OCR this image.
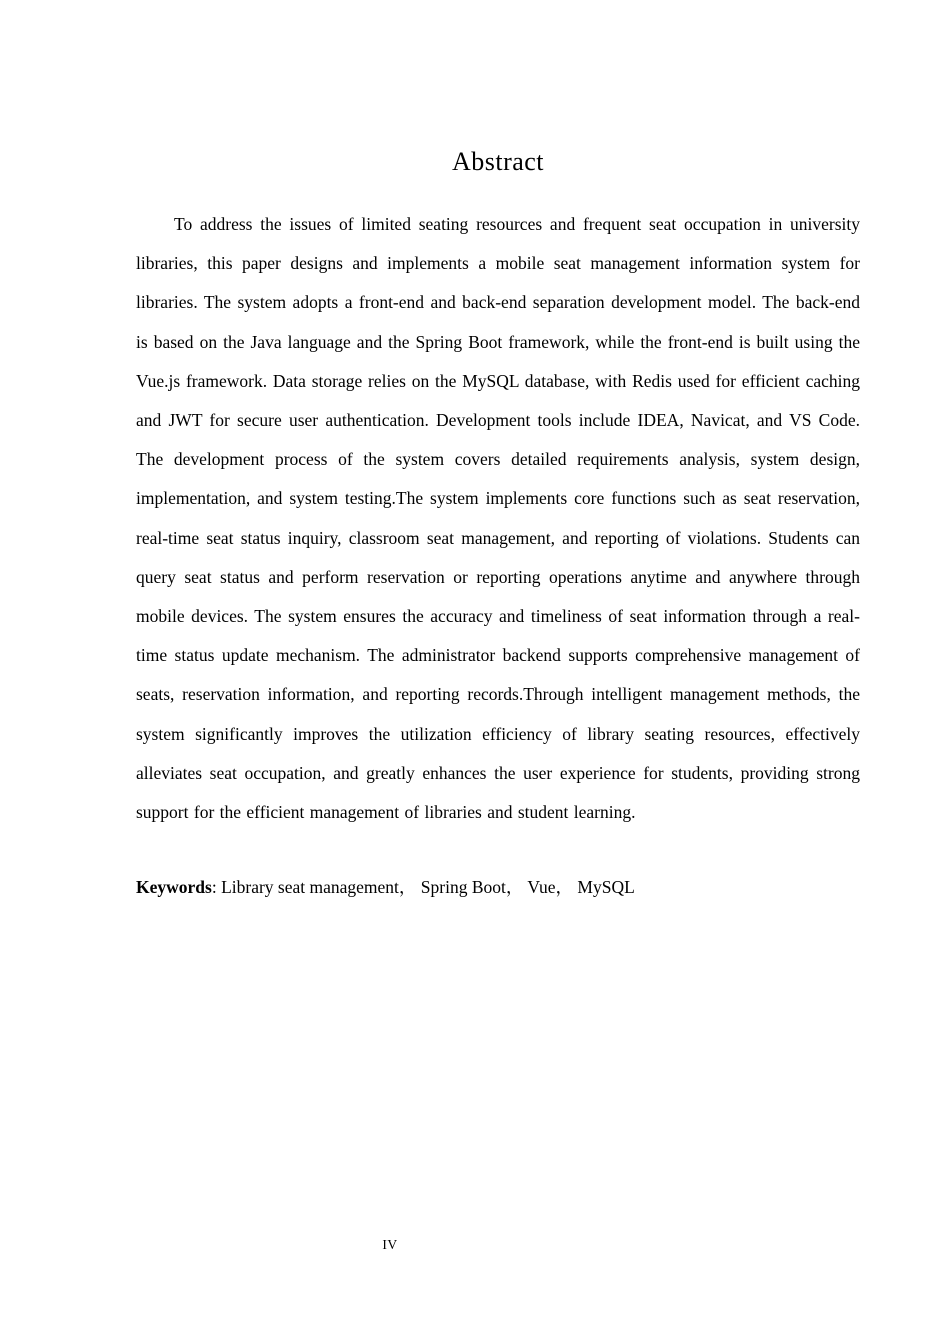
Abstract

To address the issues of limited seating resources and frequent seat occupation in university libraries, this paper designs and implements a mobile seat management information system for libraries. The system adopts a front-end and back-end separation development model. The back-end is based on the Java language and the Spring Boot framework, while the front-end is built using the Vue.js framework. Data storage relies on the MySQL database, with Redis used for efficient caching and JWT for secure user authentication. Development tools include IDEA, Navicat, and VS Code. The development process of the system covers detailed requirements analysis, system design, implementation, and system testing.The system implements core functions such as seat reservation, real-time seat status inquiry, classroom seat management, and reporting of violations. Students can query seat status and perform reservation or reporting operations anytime and anywhere through mobile devices. The system ensures the accuracy and timeliness of seat information through a real-time status update mechanism. The administrator backend supports comprehensive management of seats, reservation information, and reporting records.Through intelligent management methods, the system significantly improves the utilization efficiency of library seating resources, effectively alleviates seat occupation, and greatly enhances the user experience for students, providing strong support for the efficient management of libraries and student learning.

Keywords: Library seat management， Spring Boot， Vue， MySQL

IV
